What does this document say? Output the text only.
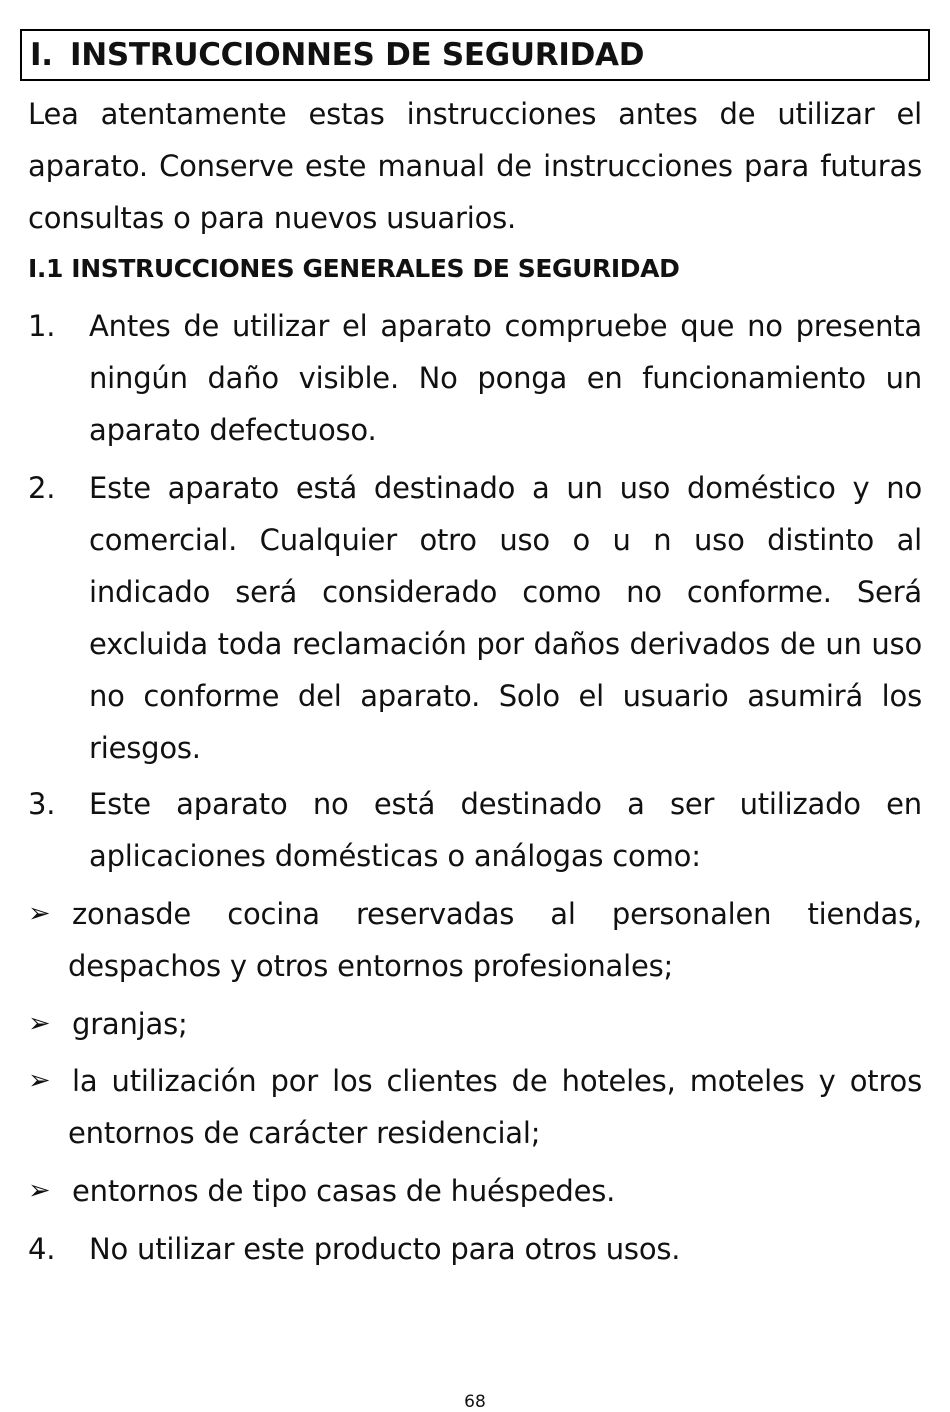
I. INSTRUCCIONNES DE SEGURIDAD
Lea atentamente estas instrucciones antes de utilizar el aparato. Conserve este manual de instrucciones para futuras consultas o para nuevos usuarios.
I.1 INSTRUCCIONES GENERALES DE SEGURIDAD
1.	Antes de utilizar el aparato compruebe que no presenta ningún daño visible. No ponga en funcionamiento un aparato defectuoso.
2.	Este aparato está destinado a un uso doméstico y no comercial. Cualquier otro uso o u n uso distinto al indicado será considerado como no conforme. Será excluida toda reclamación por daños derivados de un uso no conforme del aparato. Solo el usuario asumirá los riesgos.
3.	Este aparato no está destinado a ser utilizado en aplicaciones domésticas o análogas como:
➢ zonasde cocina reservadas al personalen tiendas, despachos y otros entornos profesionales;
➢ granjas;
➢ la utilización por los clientes de hoteles, moteles y otros entornos de carácter residencial;
➢ entornos de tipo casas de huéspedes.
4.	No utilizar este producto para otros usos.
68
